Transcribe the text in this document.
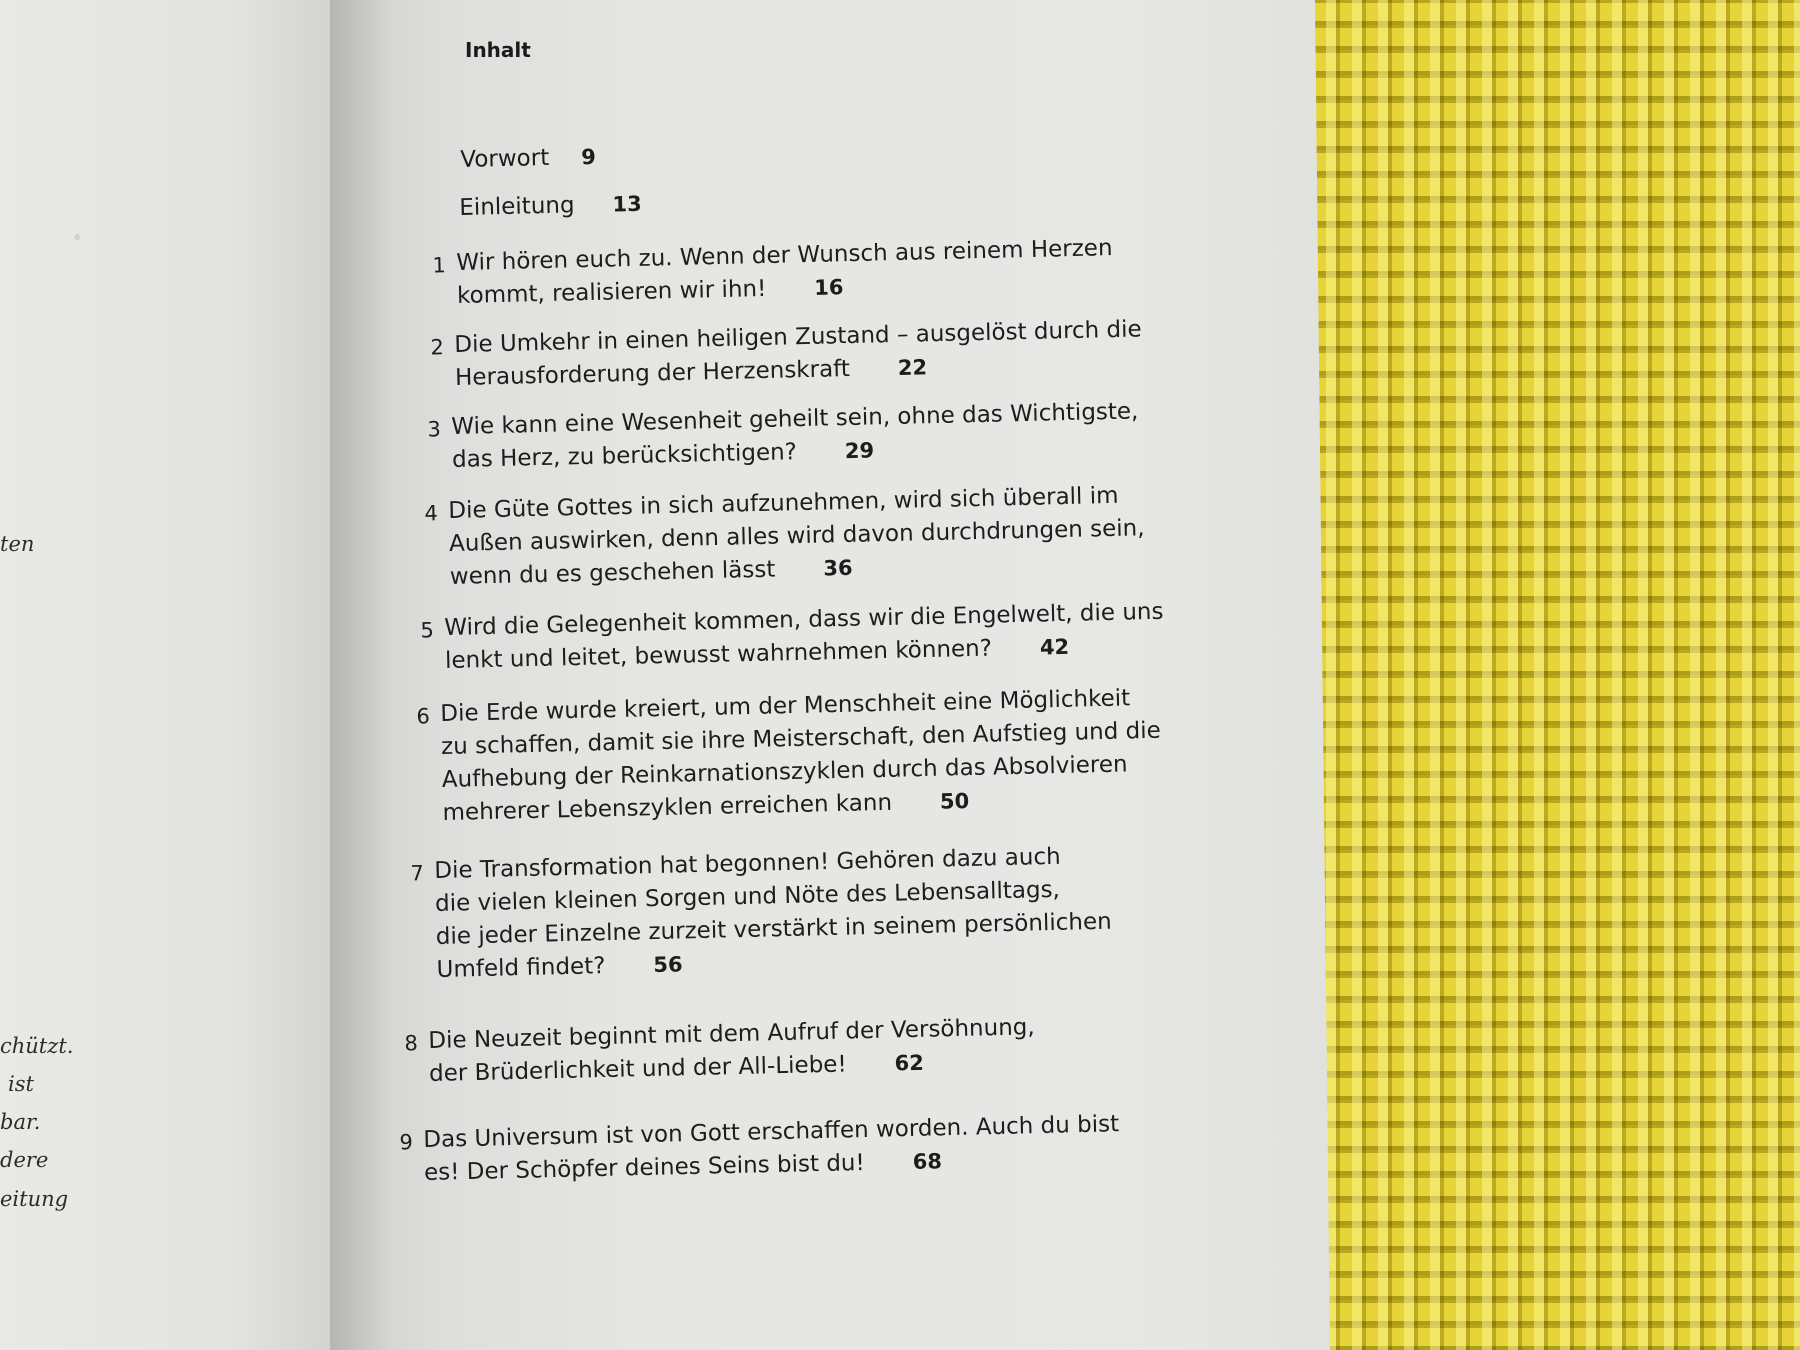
·
ten
chützt.
ist
bar.
dere
eitung
Inhalt
Vorwort 9
Einleitung 13
1 Wir hören euch zu. Wenn der Wunsch aus reinem Herzen
kommt, realisieren wir ihn! 16
2 Die Umkehr in einen heiligen Zustand – ausgelöst durch die
Herausforderung der Herzenskraft 22
3 Wie kann eine Wesenheit geheilt sein, ohne das Wichtigste,
das Herz, zu berücksichtigen? 29
4 Die Güte Gottes in sich aufzunehmen, wird sich überall im
Außen auswirken, denn alles wird davon durchdrungen sein,
wenn du es geschehen lässt 36
5 Wird die Gelegenheit kommen, dass wir die Engelwelt, die uns
lenkt und leitet, bewusst wahrnehmen können? 42
6 Die Erde wurde kreiert, um der Menschheit eine Möglichkeit
zu schaffen, damit sie ihre Meisterschaft, den Aufstieg und die
Aufhebung der Reinkarnationszyklen durch das Absolvieren
mehrerer Lebenszyklen erreichen kann 50
7 Die Transformation hat begonnen! Gehören dazu auch
die vielen kleinen Sorgen und Nöte des Lebensalltags,
die jeder Einzelne zurzeit verstärkt in seinem persönlichen
Umfeld findet? 56
8 Die Neuzeit beginnt mit dem Aufruf der Versöhnung,
der Brüderlichkeit und der All-Liebe! 62
9 Das Universum ist von Gott erschaffen worden. Auch du bist
es! Der Schöpfer deines Seins bist du! 68
